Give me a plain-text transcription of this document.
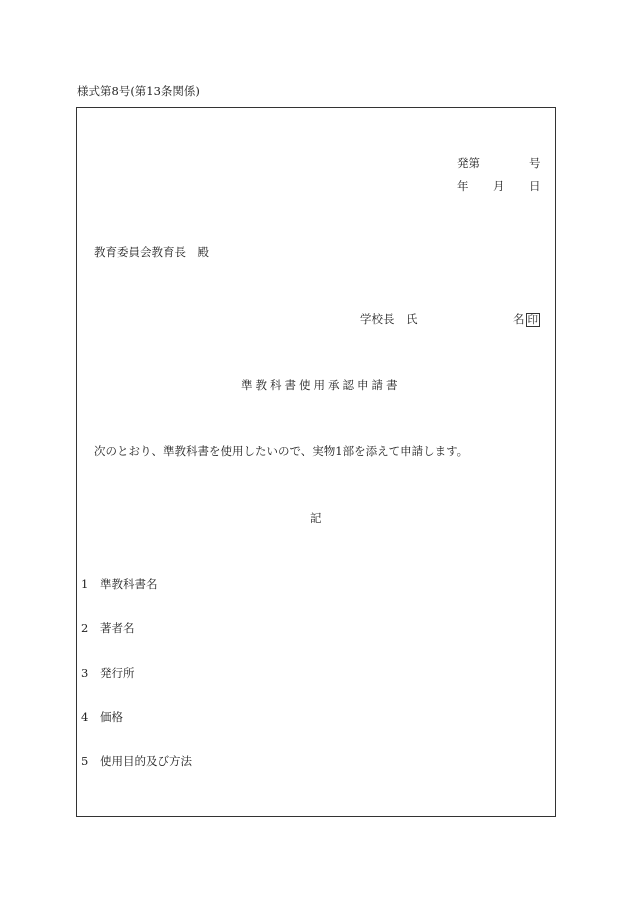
様式第8号(第13条関係)
発第	号
年 月 日
教育委員会教育長　殿
学校長　氏	名 印
準教科書使用承認申請書
次のとおり、準教科書を使用したいので、実物1部を添えて申請します。
記
1 準教科書名
2 著者名
3 発行所
4 価格
5 使用目的及び方法
